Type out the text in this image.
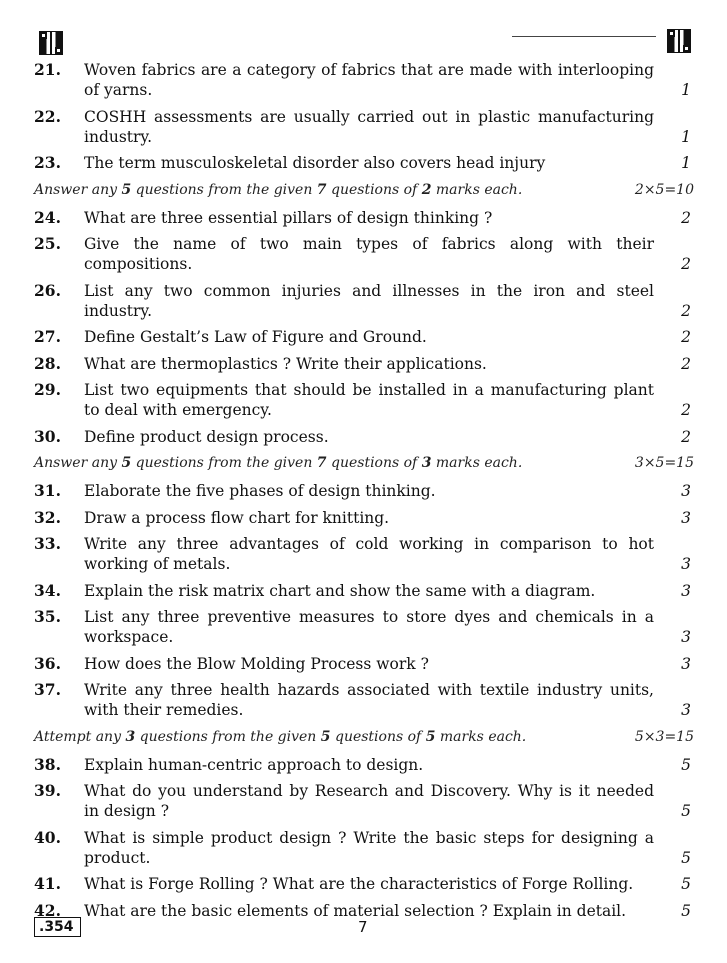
21.	Woven fabrics are a category of fabrics that are made with interlooping of yarns.	1
22.	COSHH assessments are usually carried out in plastic manufacturing industry.	1
23.	The term musculoskeletal disorder also covers head injury	1
Answer any 5 questions from the given 7 questions of 2 marks each.	2×5=10
24.	What are three essential pillars of design thinking ?	2
25.	Give the name of two main types of fabrics along with their compositions.	2
26.	List any two common injuries and illnesses in the iron and steel industry.	2
27.	Define Gestalt’s Law of Figure and Ground.	2
28.	What are thermoplastics ? Write their applications.	2
29.	List two equipments that should be installed in a manufacturing plant to deal with emergency.	2
30.	Define product design process.	2
Answer any 5 questions from the given 7 questions of 3 marks each.	3×5=15
31.	Elaborate the five phases of design thinking.	3
32.	Draw a process flow chart for knitting.	3
33.	Write any three advantages of cold working in comparison to hot working of metals.	3
34.	Explain the risk matrix chart and show the same with a diagram.	3
35.	List any three preventive measures to store dyes and chemicals in a workspace.	3
36.	How does the Blow Molding Process work ?	3
37.	Write any three health hazards associated with textile industry units, with their remedies.	3
Attempt any 3 questions from the given 5 questions of 5 marks each.	5×3=15
38.	Explain human-centric approach to design.	5
39.	What do you understand by Research and Discovery. Why is it needed in design ?	5
40.	What is simple product design ? Write the basic steps for designing a product.	5
41.	What is Forge Rolling ? What are the characteristics of Forge Rolling.	5
42.	What are the basic elements of material selection ? Explain in detail.	5
.354	7
